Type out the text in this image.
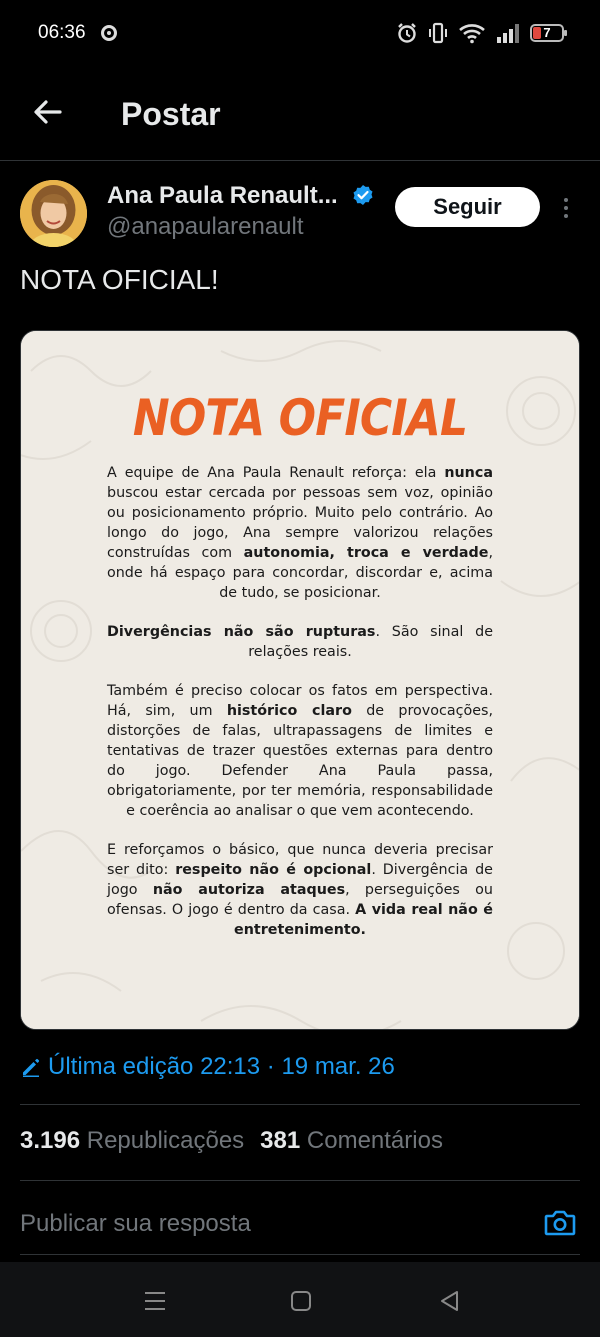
06:36	7
Postar
Ana Paula Renault...
@anapaularenault
Seguir
NOTA OFICIAL!
NOTA OFICIAL

A equipe de Ana Paula Renault reforça: ela nunca buscou estar cercada por pessoas sem voz, opinião ou posicionamento próprio. Muito pelo contrário. Ao longo do jogo, Ana sempre valorizou relações construídas com autonomia, troca e verdade, onde há espaço para concordar, discordar e, acima de tudo, se posicionar.

Divergências não são rupturas. São sinal de relações reais.

Também é preciso colocar os fatos em perspectiva. Há, sim, um histórico claro de provocações, distorções de falas, ultrapassagens de limites e tentativas de trazer questões externas para dentro do jogo. Defender Ana Paula passa, obrigatoriamente, por ter memória, responsabilidade e coerência ao analisar o que vem acontecendo.

E reforçamos o básico, que nunca deveria precisar ser dito: respeito não é opcional. Divergência de jogo não autoriza ataques, perseguições ou ofensas. O jogo é dentro da casa. A vida real não é entretenimento.

Última edição 22:13 · 19 mar. 26
3.196 Republicações 381 Comentários
Publicar sua resposta
